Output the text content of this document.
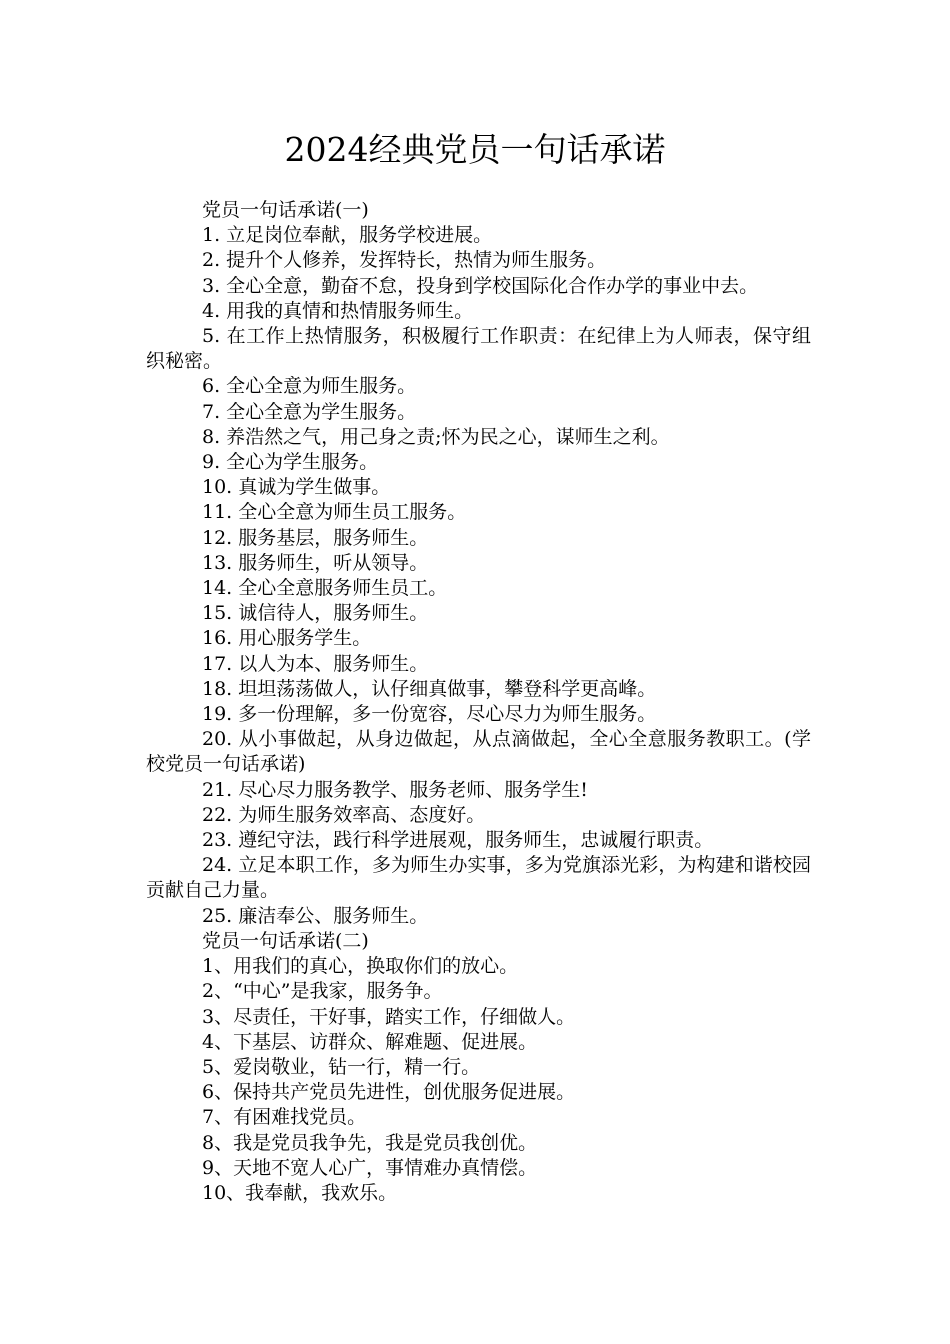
2024经典党员一句话承诺

党员一句话承诺(一)

1. 立足岗位奉献，服务学校进展。

2. 提升个人修养，发挥特长，热情为师生服务。

3. 全心全意，勤奋不怠，投身到学校国际化合作办学的事业中去。

4. 用我的真情和热情服务师生。

5. 在工作上热情服务，积极履行工作职责：在纪律上为人师表，保守组织秘密。

6. 全心全意为师生服务。

7. 全心全意为学生服务。

8. 养浩然之气，用己身之责;怀为民之心，谋师生之利。

9. 全心为学生服务。

10. 真诚为学生做事。

11. 全心全意为师生员工服务。

12. 服务基层，服务师生。

13. 服务师生，听从领导。

14. 全心全意服务师生员工。

15. 诚信待人，服务师生。

16. 用心服务学生。

17. 以人为本、服务师生。

18. 坦坦荡荡做人，认仔细真做事，攀登科学更高峰。

19. 多一份理解，多一份宽容，尽心尽力为师生服务。

20. 从小事做起，从身边做起，从点滴做起，全心全意服务教职工。(学校党员一句话承诺)

21. 尽心尽力服务教学、服务老师、服务学生!

22. 为师生服务效率高、态度好。

23. 遵纪守法，践行科学进展观，服务师生，忠诚履行职责。

24. 立足本职工作，多为师生办实事，多为党旗添光彩，为构建和谐校园贡献自己力量。

25. 廉洁奉公、服务师生。

党员一句话承诺(二)

1、用我们的真心，换取你们的放心。

2、“中心”是我家，服务争。

3、尽责任，干好事，踏实工作，仔细做人。

4、下基层、访群众、解难题、促进展。

5、爱岗敬业，钻一行，精一行。

6、保持共产党员先进性，创优服务促进展。

7、有困难找党员。

8、我是党员我争先，我是党员我创优。

9、天地不宽人心广，事情难办真情偿。

10、我奉献，我欢乐。
